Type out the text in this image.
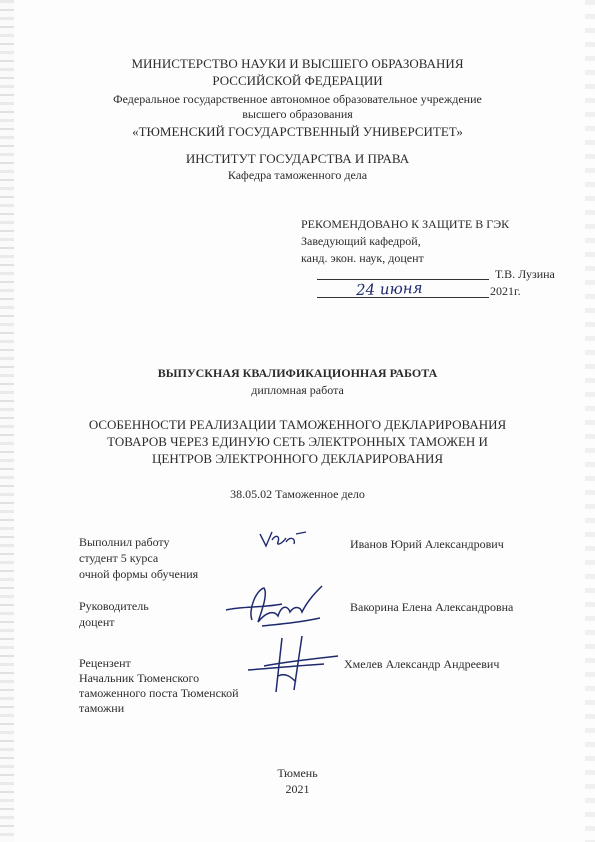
МИНИСТЕРСТВО НАУКИ И ВЫСШЕГО ОБРАЗОВАНИЯ
РОССИЙСКОЙ ФЕДЕРАЦИИ
Федеральное государственное автономное образовательное учреждение
высшего образования
«ТЮМЕНСКИЙ ГОСУДАРСТВЕННЫЙ УНИВЕРСИТЕТ»
ИНСТИТУТ ГОСУДАРСТВА И ПРАВА
Кафедра таможенного дела
РЕКОМЕНДОВАНО К ЗАЩИТЕ В ГЭК
Заведующий кафедрой,
канд. экон. наук, доцент
Т.В. Лузина
2021г.
24 июня
ВЫПУСКНАЯ КВАЛИФИКАЦИОННАЯ РАБОТА
дипломная работа
ОСОБЕННОСТИ РЕАЛИЗАЦИИ ТАМОЖЕННОГО ДЕКЛАРИРОВАНИЯ
ТОВАРОВ ЧЕРЕЗ ЕДИНУЮ СЕТЬ ЭЛЕКТРОННЫХ ТАМОЖЕН И
ЦЕНТРОВ ЭЛЕКТРОННОГО ДЕКЛАРИРОВАНИЯ
38.05.02 Таможенное дело
Выполнил работу
студент 5 курса
очной формы обучения
Иванов Юрий Александрович
Руководитель
доцент
Вакорина Елена Александровна
Рецензент
Начальник Тюменского
таможенного поста Тюменской
таможни
Хмелев Александр Андреевич
Тюмень
2021
